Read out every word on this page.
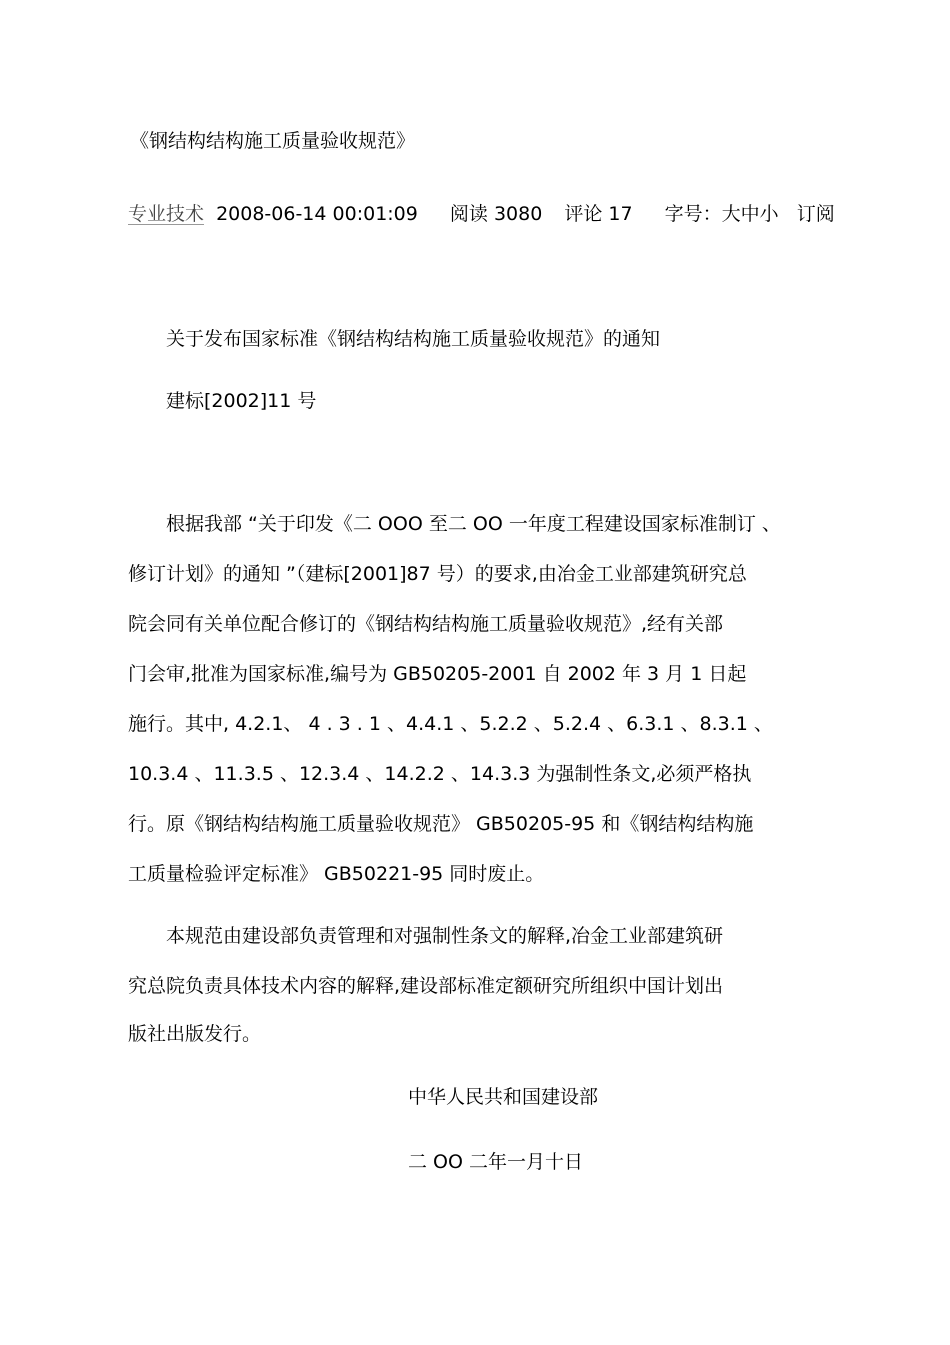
《钢结构结构施工质量验收规范》
专业技术 2008-06-14 00:01:09 阅读 3080 评论 17 字号：大中小 订阅
关于发布国家标准《钢结构结构施工质量验收规范》的通知
建标[2002]11 号
根据我部 “关于印发《二 OOO 至二 OO 一年度工程建设国家标准制订 、
修订计划》的通知 ”（建标[2001]87 号）的要求,由冶金工业部建筑研究总
院会同有关单位配合修订的《钢结构结构施工质量验收规范》,经有关部
门会审,批准为国家标准,编号为 GB50205-2001 自 2002 年 3 月 1 日起
施行。其中, 4.2.1、 4 . 3 . 1 、4.4.1 、5.2.2 、5.2.4 、6.3.1 、8.3.1 、
10.3.4 、11.3.5 、12.3.4 、14.2.2 、14.3.3 为强制性条文,必须严格执
行。原《钢结构结构施工质量验收规范》 GB50205-95 和《钢结构结构施
工质量检验评定标准》 GB50221-95 同时废止。
本规范由建设部负责管理和对强制性条文的解释,冶金工业部建筑研
究总院负责具体技术内容的解释,建设部标准定额研究所组织中国计划出
版社出版发行。
中华人民共和国建设部
二 OO 二年一月十日
